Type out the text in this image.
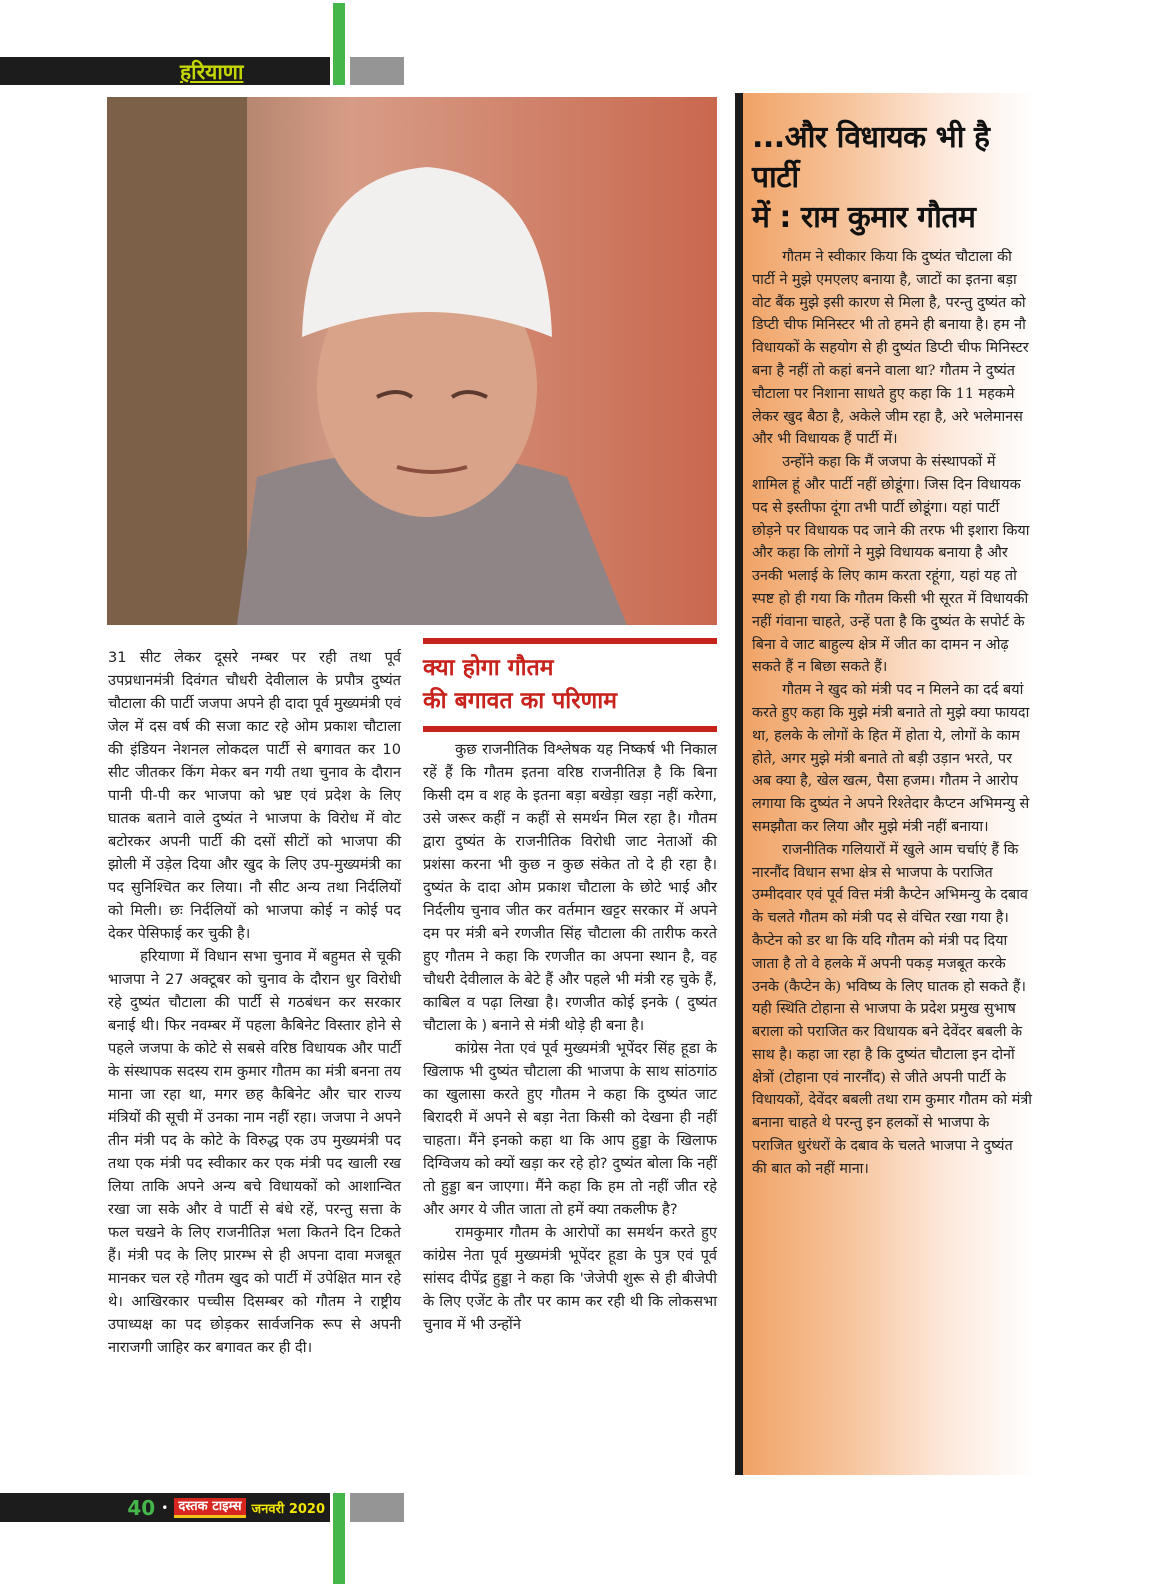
हरियाणा

31 सीट लेकर दूसरे नम्बर पर रही तथा पूर्व उपप्रधानमंत्री दिवंगत चौधरी देवीलाल के प्रपौत्र दुष्यंत चौटाला की पार्टी जजपा अपने ही दादा पूर्व मुख्यमंत्री एवं जेल में दस वर्ष की सजा काट रहे ओम प्रकाश चौटाला की इंडियन नेशनल लोकदल पार्टी से बगावत कर 10 सीट जीतकर किंग मेकर बन गयी तथा चुनाव के दौरान पानी पी-पी कर भाजपा को भ्रष्ट एवं प्रदेश के लिए घातक बताने वाले दुष्यंत ने भाजपा के विरोध में वोट बटोरकर अपनी पार्टी की दसों सीटों को भाजपा की झोली में उड़ेल दिया और खुद के लिए उप-मुख्यमंत्री का पद सुनिश्चित कर लिया। नौ सीट अन्य तथा निर्दलियों को मिली। छः निर्दलियों को भाजपा कोई न कोई पद देकर पेसिफाई कर चुकी है।

हरियाणा में विधान सभा चुनाव में बहुमत से चूकी भाजपा ने 27 अक्टूबर को चुनाव के दौरान धुर विरोधी रहे दुष्यंत चौटाला की पार्टी से गठबंधन कर सरकार बनाई थी। फिर नवम्बर में पहला कैबिनेट विस्तार होने से पहले जजपा के कोटे से सबसे वरिष्ठ विधायक और पार्टी के संस्थापक सदस्य राम कुमार गौतम का मंत्री बनना तय माना जा रहा था, मगर छह कैबिनेट और चार राज्य मंत्रियों की सूची में उनका नाम नहीं रहा। जजपा ने अपने तीन मंत्री पद के कोटे के विरुद्ध एक उप मुख्यमंत्री पद तथा एक मंत्री पद स्वीकार कर एक मंत्री पद खाली रख लिया ताकि अपने अन्य बचे विधायकों को आशान्वित रखा जा सके और वे पार्टी से बंधे रहें, परन्तु सत्ता के फल चखने के लिए राजनीतिज्ञ भला कितने दिन टिकते हैं। मंत्री पद के लिए प्रारम्भ से ही अपना दावा मजबूत मानकर चल रहे गौतम खुद को पार्टी में उपेक्षित मान रहे थे। आखिरकार पच्चीस दिसम्बर को गौतम ने राष्ट्रीय उपाध्यक्ष का पद छोड़कर सार्वजनिक रूप से अपनी नाराजगी जाहिर कर बगावत कर ही दी।

क्या होगा गौतम
की बगावत का परिणाम

कुछ राजनीतिक विश्लेषक यह निष्कर्ष भी निकाल रहें हैं कि गौतम इतना वरिष्ठ राजनीतिज्ञ है कि बिना किसी दम व शह के इतना बड़ा बखेड़ा खड़ा नहीं करेगा, उसे जरूर कहीं न कहीं से समर्थन मिल रहा है। गौतम द्वारा दुष्यंत के राजनीतिक विरोधी जाट नेताओं की प्रशंसा करना भी कुछ न कुछ संकेत तो दे ही रहा है। दुष्यंत के दादा ओम प्रकाश चौटाला के छोटे भाई और निर्दलीय चुनाव जीत कर वर्तमान खट्टर सरकार में अपने दम पर मंत्री बने रणजीत सिंह चौटाला की तारीफ करते हुए गौतम ने कहा कि रणजीत का अपना स्थान है, वह चौधरी देवीलाल के बेटे हैं और पहले भी मंत्री रह चुके हैं, काबिल व पढ़ा लिखा है। रणजीत कोई इनके ( दुष्यंत चौटाला के ) बनाने से मंत्री थोड़े ही बना है।

कांग्रेस नेता एवं पूर्व मुख्यमंत्री भूपेंदर सिंह हूडा के खिलाफ भी दुष्यंत चौटाला की भाजपा के साथ सांठगांठ का खुलासा करते हुए गौतम ने कहा कि दुष्यंत जाट बिरादरी में अपने से बड़ा नेता किसी को देखना ही नहीं चाहता। मैंने इनको कहा था कि आप हुड्डा के खिलाफ दिग्विजय को क्यों खड़ा कर रहे हो? दुष्यंत बोला कि नहीं तो हुड्डा बन जाएगा। मैंने कहा कि हम तो नहीं जीत रहे और अगर ये जीत जाता तो हमें क्या तकलीफ है?

रामकुमार गौतम के आरोपों का समर्थन करते हुए कांग्रेस नेता पूर्व मुख्यमंत्री भूपेंदर हूडा के पुत्र एवं पूर्व सांसद दीपेंद्र हुड्डा ने कहा कि 'जेजेपी शुरू से ही बीजेपी के लिए एजेंट के तौर पर काम कर रही थी कि लोकसभा चुनाव में भी उन्होंने

...और विधायक भी है पार्टी
में : राम कुमार गौतम

गौतम ने स्वीकार किया कि दुष्यंत चौटाला की पार्टी ने मुझे एमएलए बनाया है, जाटों का इतना बड़ा वोट बैंक मुझे इसी कारण से मिला है, परन्तु दुष्यंत को डिप्टी चीफ मिनिस्टर भी तो हमने ही बनाया है। हम नौ विधायकों के सहयोग से ही दुष्यंत डिप्टी चीफ मिनिस्टर बना है नहीं तो कहां बनने वाला था? गौतम ने दुष्यंत चौटाला पर निशाना साधते हुए कहा कि 11 महकमे लेकर खुद बैठा है, अकेले जीम रहा है, अरे भलेमानस और भी विधायक हैं पार्टी में।

उन्होंने कहा कि मैं जजपा के संस्थापकों में शामिल हूं और पार्टी नहीं छोडूंगा। जिस दिन विधायक पद से इस्तीफा दूंगा तभी पार्टी छोडूंगा। यहां पार्टी छोड़ने पर विधायक पद जाने की तरफ भी इशारा किया और कहा कि लोगों ने मुझे विधायक बनाया है और उनकी भलाई के लिए काम करता रहूंगा, यहां यह तो स्पष्ट हो ही गया कि गौतम किसी भी सूरत में विधायकी नहीं गंवाना चाहते, उन्हें पता है कि दुष्यंत के सपोर्ट के बिना वे जाट बाहुल्य क्षेत्र में जीत का दामन न ओढ़ सकते हैं न बिछा सकते हैं।

गौतम ने खुद को मंत्री पद न मिलने का दर्द बयां करते हुए कहा कि मुझे मंत्री बनाते तो मुझे क्या फायदा था, हलके के लोगों के हित में होता ये, लोगों के काम होते, अगर मुझे मंत्री बनाते तो बड़ी उड़ान भरते, पर अब क्या है, खेल खत्म, पैसा हजम। गौतम ने आरोप लगाया कि दुष्यंत ने अपने रिश्तेदार कैप्टन अभिमन्यु से समझौता कर लिया और मुझे मंत्री नहीं बनाया।

राजनीतिक गलियारों में खुले आम चर्चाएं हैं कि नारनौंद विधान सभा क्षेत्र से भाजपा के पराजित उम्मीदवार एवं पूर्व वित्त मंत्री कैप्टेन अभिमन्यु के दबाव के चलते गौतम को मंत्री पद से वंचित रखा गया है। कैप्टेन को डर था कि यदि गौतम को मंत्री पद दिया जाता है तो वे हलके में अपनी पकड़ मजबूत करके उनके (कैप्टेन के) भविष्य के लिए घातक हो सकते हैं। यही स्थिति टोहाना से भाजपा के प्रदेश प्रमुख सुभाष बराला को पराजित कर विधायक बने देवेंदर बबली के साथ है। कहा जा रहा है कि दुष्यंत चौटाला इन दोनों क्षेत्रों (टोहाना एवं नारनौंद) से जीते अपनी पार्टी के विधायकों, देवेंदर बबली तथा राम कुमार गौतम को मंत्री बनाना चाहते थे परन्तु इन हलकों से भाजपा के पराजित धुरंधरों के दबाव के चलते भाजपा ने दुष्यंत की बात को नहीं माना।

40 • दस्तक टाइम्स जनवरी 2020
